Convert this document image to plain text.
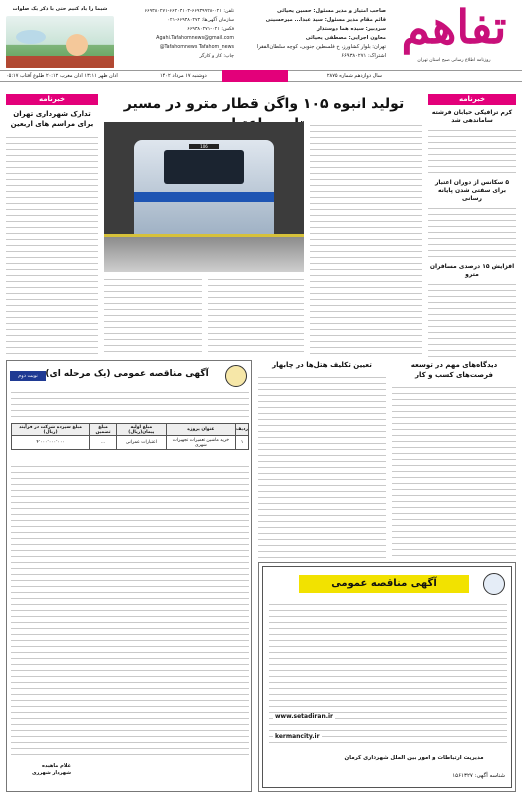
تفاهم
روزنامه اطلاع رسانی صبح استان تهران
صاحب امتیاز و مدیر مسئول: حسین یحیائی
قائم مقام مدیر مسئول: سید عبدا... میرحسینی
سردبیر: سیده هما دوستدار
معاون اجرایی: مصطفی یحیائی
تهران: بلوار کشاورز، خ فلسطین جنوبی، کوچه سلطان‌الفقرا
اشتراک: ۶۶۹۳۸۰۲۷۱
تلفن: ۰۲۱-۶۶۹۳۹۹۲۸-۶۶۴۰۴۱۰۳-۶۶۹۳۸۰۲۷۱
سازمان آگهی‌ها: ۶۶۹۳۸۰۴۷۲-۰۲۱
فکس: ۰۲۱-۶۶۹۳۸۰۲۷۱
Agahi.Tafahomnews@gmail.com
@Tafahomnews Tafahom_news
چاپ: کار و کارگر
شیما را یاد کنیم حتی با ذکر یک صلوات
سال دوازدهم شماره ۲۸۷۵
دوشنبه ۱۷ مرداد ۱۴۰۲
اذان ظهر ۱۳:۱۱ اذان مغرب ۲۰:۱۲ طلوع آفتاب ۰۵:۱۷
خبرنامه
تدارک شهرداری تهران برای مراسم های اربعین
تولید انبوه ۱۰۵ واگن قطار مترو در مسیر
106
خبرنامه
کرم ترافیکی خیابان فرشته ساماندهی شد
۵ سکانس از دوران اعتبار برای سفتی شدن پایانه رسانی
افزایش ۱۵ درصدی مسافران مترو
تعیین تکلیف هتل‌ها در چابهار	دیدگاه‌های مهم در توسعه فرصت‌های کسب و کار
نوبت دوم آگهی مناقصه عمومی (یک مرحله ای)
ردیف	عنوان پروژه	مبلغ اولیه پیمان(ریال)	مبلغ تضمین	مبلغ سپرده شرکت در فرآیند (ریال)
۱	خرید ماشین تعمیرات تجهیزات شهری	اعتبارات عمرانی	...	۴٬۰۰۰٬۰۰۰٬۰۰۰
غلام ماهیده
شهردار شهرری
آگهی مناقصه عمومی
www.setadiran.ir
kermancity.ir
مدیریت ارتباطات و امور بین الملل شهرداری کرمان
شناسه آگهی: ۱۵۶۱۳۲۷
